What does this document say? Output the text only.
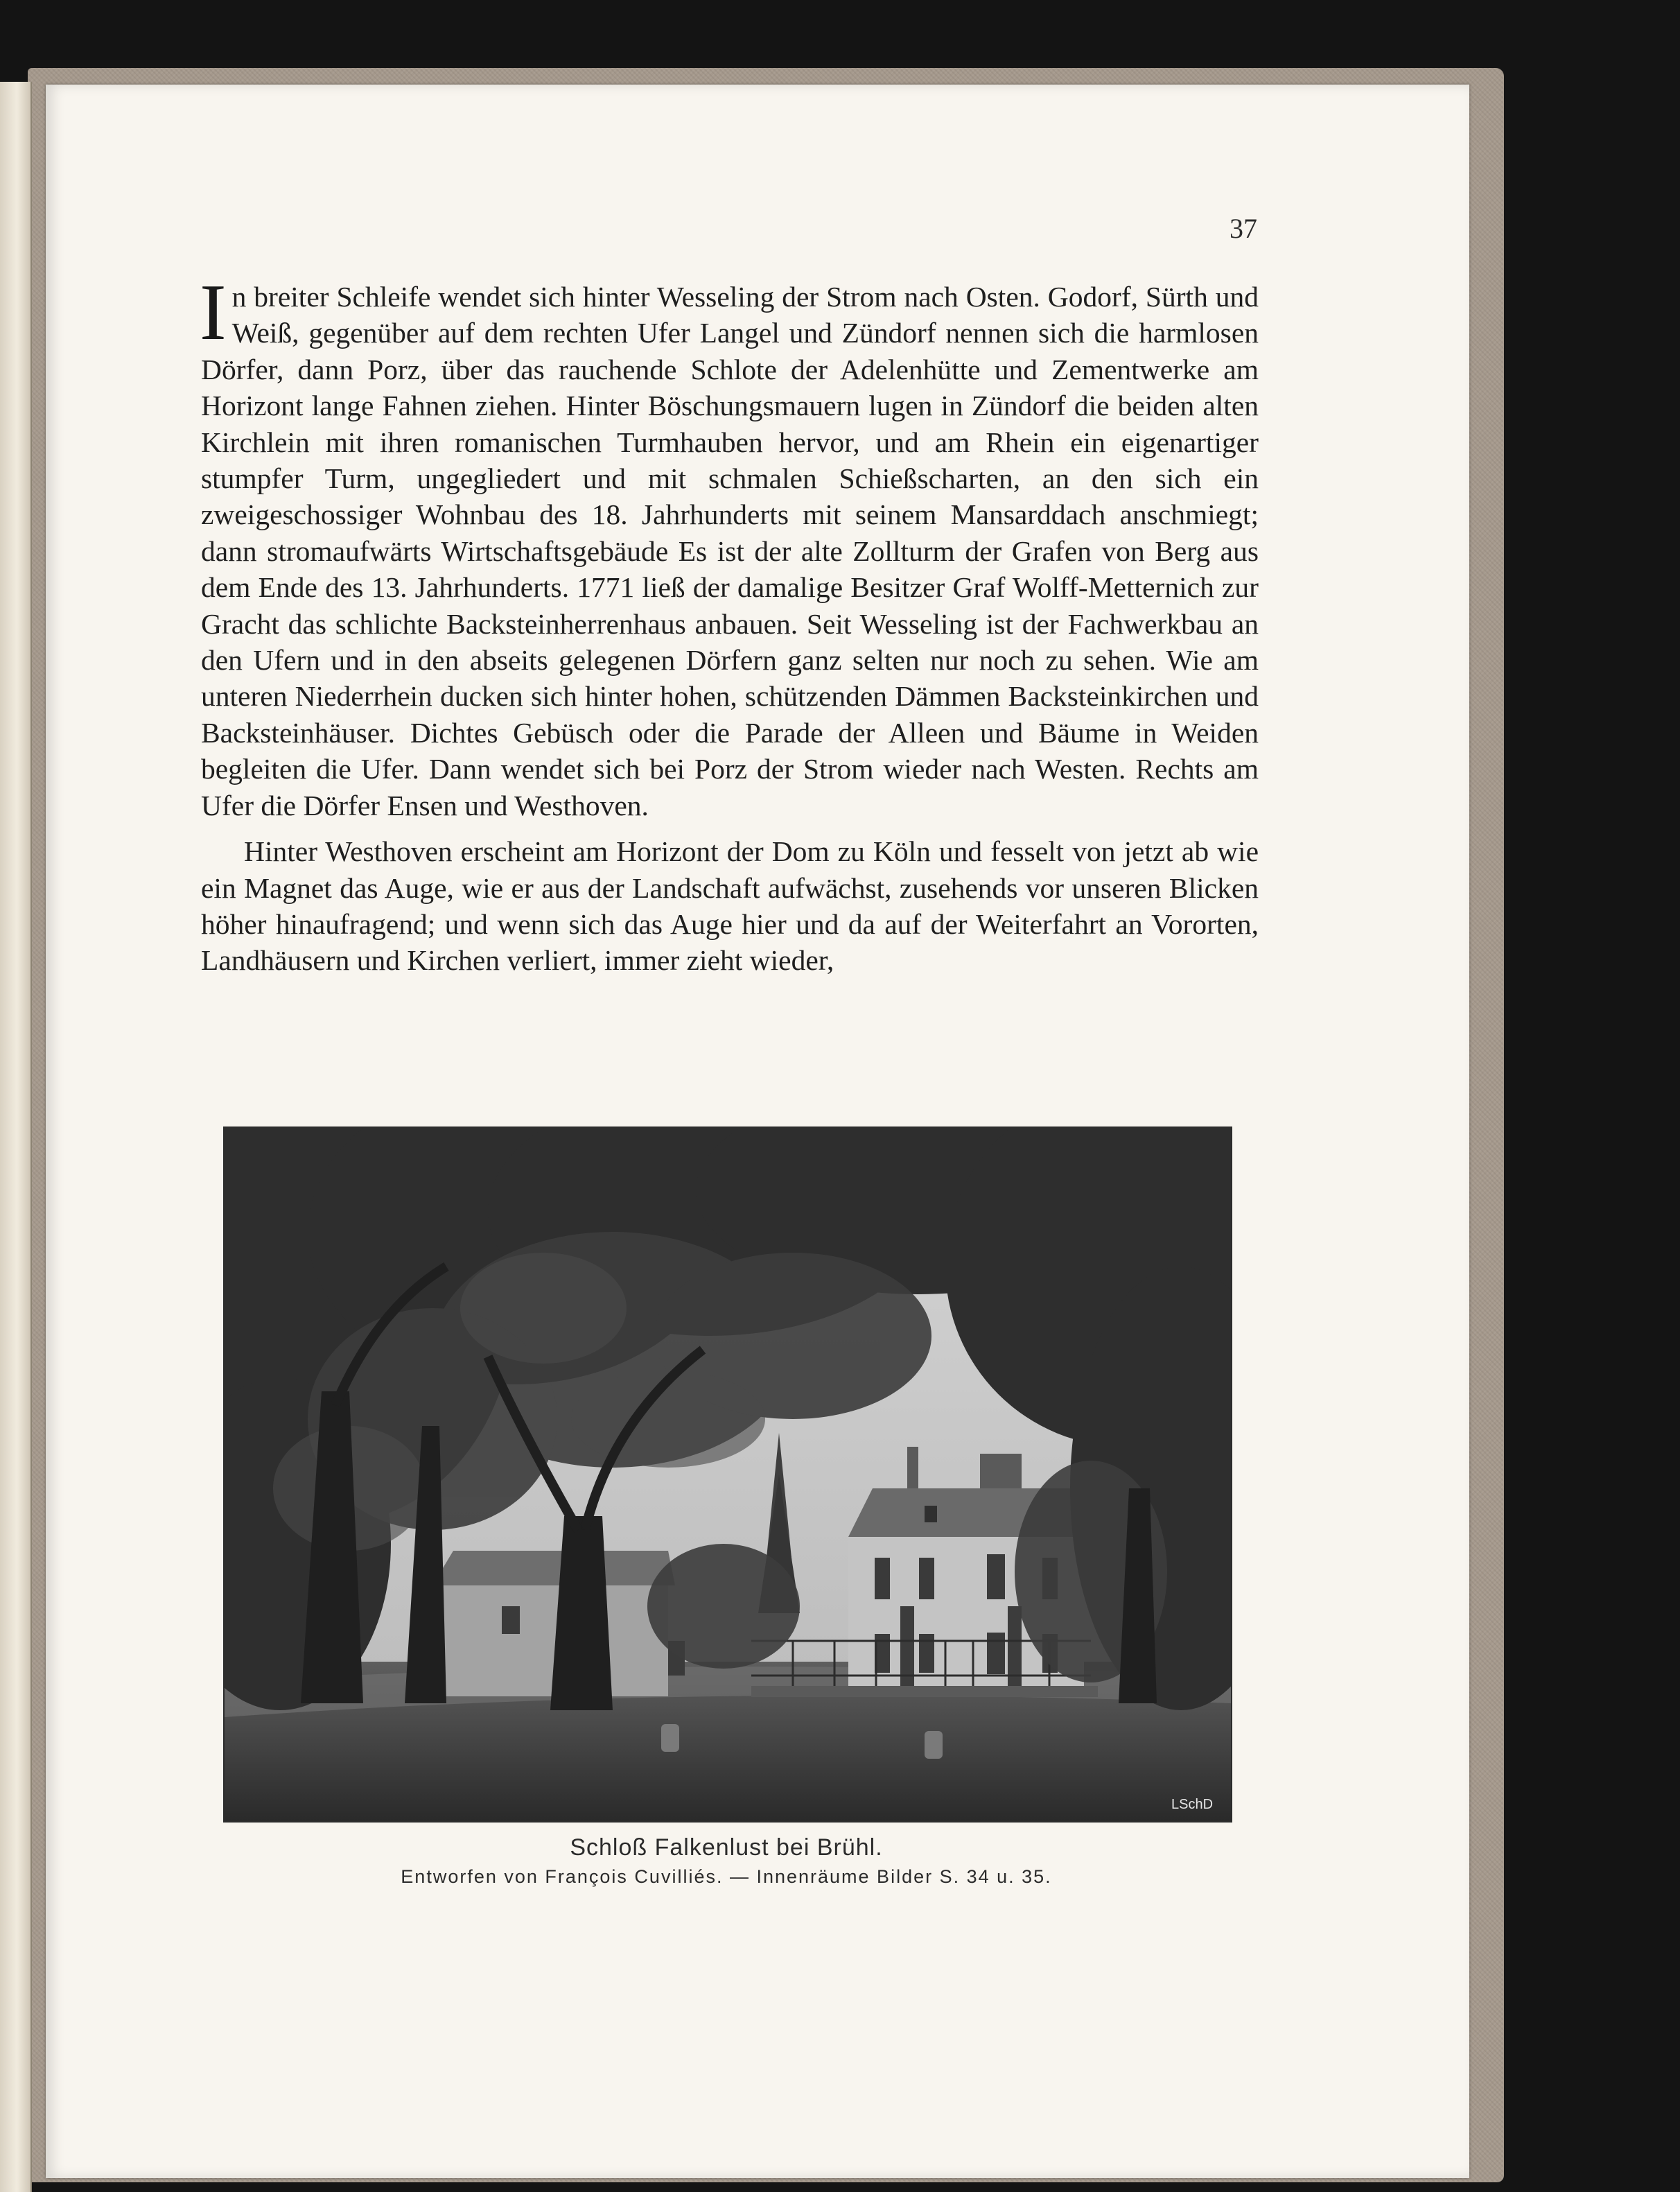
37

In breiter Schleife wendet sich hinter Wesseling der Strom nach Osten. Godorf, Sürth und Weiß, gegenüber auf dem rechten Ufer Langel und Zündorf nennen sich die harmlosen Dörfer, dann Porz, über das rauchende Schlote der Adelenhütte und Zementwerke am Horizont lange Fahnen ziehen. Hinter Böschungsmauern lugen in Zündorf die beiden alten Kirchlein mit ihren romanischen Turmhauben hervor, und am Rhein ein eigenartiger stumpfer Turm, ungegliedert und mit schmalen Schießscharten, an den sich ein zweigeschossiger Wohnbau des 18. Jahrhunderts mit seinem Mansarddach anschmiegt; dann stromaufwärts Wirtschaftsgebäude Es ist der alte Zollturm der Grafen von Berg aus dem Ende des 13. Jahrhunderts. 1771 ließ der damalige Besitzer Graf Wolff-Metternich zur Gracht das schlichte Backsteinherrenhaus anbauen. Seit Wesseling ist der Fachwerkbau an den Ufern und in den abseits gelegenen Dörfern ganz selten nur noch zu sehen. Wie am unteren Niederrhein ducken sich hinter hohen, schützenden Dämmen Backsteinkirchen und Backsteinhäuser. Dichtes Gebüsch oder die Parade der Alleen und Bäume in Weiden begleiten die Ufer. Dann wendet sich bei Porz der Strom wieder nach Westen. Rechts am Ufer die Dörfer Ensen und Westhoven.

Hinter Westhoven erscheint am Horizont der Dom zu Köln und fesselt von jetzt ab wie ein Magnet das Auge, wie er aus der Landschaft aufwächst, zusehends vor unseren Blicken höher hinaufragend; und wenn sich das Auge hier und da auf der Weiterfahrt an Vororten, Landhäusern und Kirchen verliert, immer zieht wieder,

LSchD
Schloß Falkenlust bei Brühl.
Entworfen von François Cuvilliés. — Innenräume Bilder S. 34 u. 35.
